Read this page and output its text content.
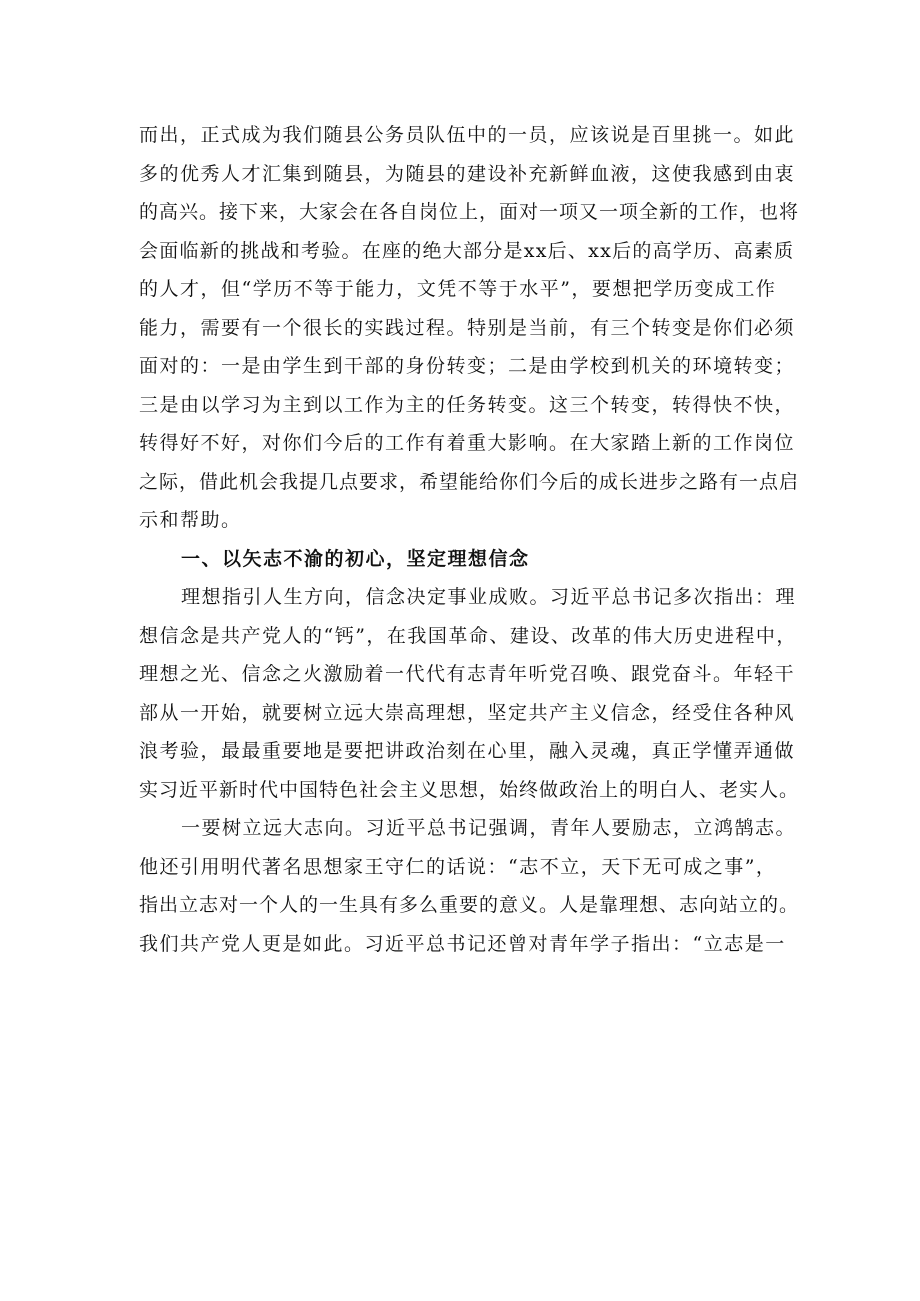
而出，正式成为我们随县公务员队伍中的一员，应该说是百里挑一。如此
多的优秀人才汇集到随县，为随县的建设补充新鲜血液，这使我感到由衷
的高兴。接下来，大家会在各自岗位上，面对一项又一项全新的工作，也将
会面临新的挑战和考验。在座的绝大部分是xx后、xx后的高学历、高素质
的人才，但“学历不等于能力，文凭不等于水平”，要想把学历变成工作
能力，需要有一个很长的实践过程。特别是当前，有三个转变是你们必须
面对的：一是由学生到干部的身份转变；二是由学校到机关的环境转变；
三是由以学习为主到以工作为主的任务转变。这三个转变，转得快不快，
转得好不好，对你们今后的工作有着重大影响。在大家踏上新的工作岗位
之际，借此机会我提几点要求，希望能给你们今后的成长进步之路有一点启
示和帮助。
一、以矢志不渝的初心，坚定理想信念
理想指引人生方向，信念决定事业成败。习近平总书记多次指出：理
想信念是共产党人的“钙”，在我国革命、建设、改革的伟大历史进程中，
理想之光、信念之火激励着一代代有志青年听党召唤、跟党奋斗。年轻干
部从一开始，就要树立远大崇高理想，坚定共产主义信念，经受住各种风
浪考验，最最重要地是要把讲政治刻在心里，融入灵魂，真正学懂弄通做
实习近平新时代中国特色社会主义思想，始终做政治上的明白人、老实人。
一要树立远大志向。习近平总书记强调，青年人要励志，立鸿鹄志。
他还引用明代著名思想家王守仁的话说：“志不立，天下无可成之事”，
指出立志对一个人的一生具有多么重要的意义。人是靠理想、志向站立的。
我们共产党人更是如此。习近平总书记还曾对青年学子指出：“立志是一
